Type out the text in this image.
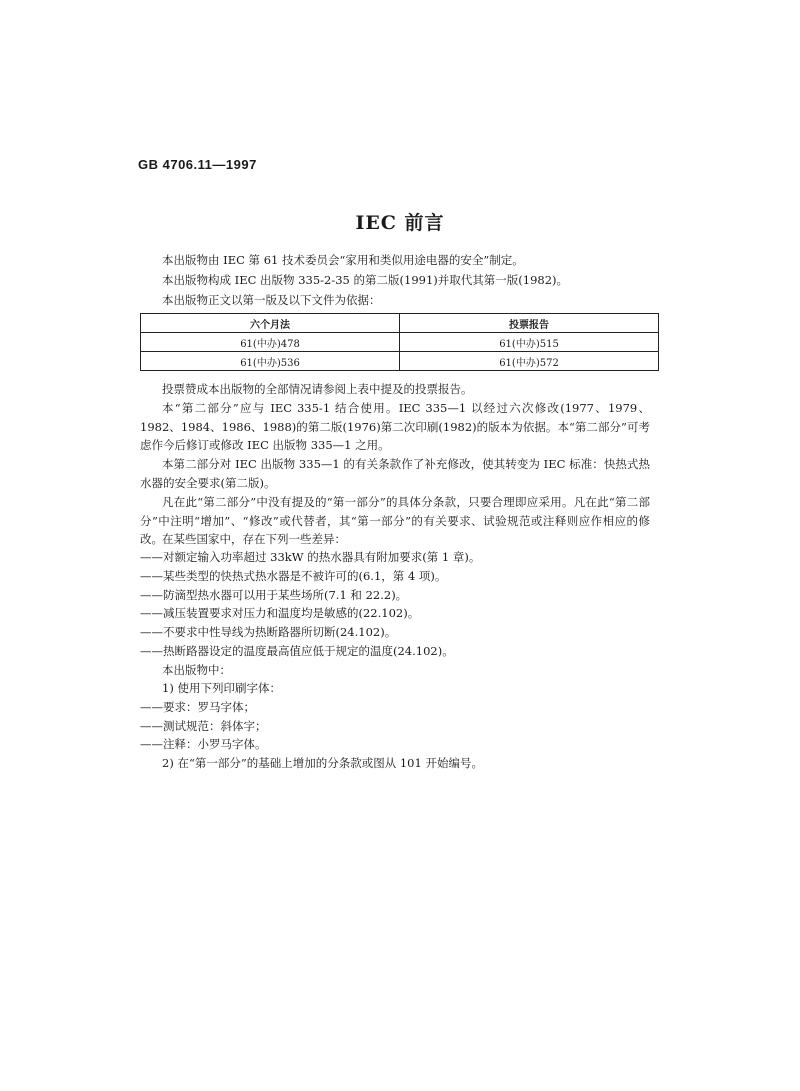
GB 4706.11—1997
IEC 前言
本出版物由 IEC 第 61 技术委员会“家用和类似用途电器的安全”制定。
本出版物构成 IEC 出版物 335-2-35 的第二版(1991)并取代其第一版(1982)。
本出版物正文以第一版及以下文件为依据：
六个月法	投票报告
61(中办)478	61(中办)515
61(中办)536	61(中办)572
投票赞成本出版物的全部情况请参阅上表中提及的投票报告。
本“第二部分”应与 IEC 335-1 结合使用。IEC 335—1 以经过六次修改(1977、1979、1982、1984、1986、1988)的第二版(1976)第二次印刷(1982)的版本为依据。本“第二部分”可考虑作今后修订或修改 IEC 出版物 335—1 之用。
本第二部分对 IEC 出版物 335—1 的有关条款作了补充修改，使其转变为 IEC 标准：快热式热水器的安全要求(第二版)。
凡在此“第二部分”中没有提及的“第一部分”的具体分条款，只要合理即应采用。凡在此“第二部分”中注明“增加”、“修改”或代替者，其“第一部分”的有关要求、试验规范或注释则应作相应的修改。 在某些国家中，存在下列一些差异：
——对额定输入功率超过 33kW 的热水器具有附加要求(第 1 章)。
——某些类型的快热式热水器是不被许可的(6.1，第 4 项)。
——防滴型热水器可以用于某些场所(7.1 和 22.2)。
——减压装置要求对压力和温度均是敏感的(22.102)。
——不要求中性导线为热断路器所切断(24.102)。
——热断路器设定的温度最高值应低于规定的温度(24.102)。
本出版物中：
1) 使用下列印刷字体：
——要求：罗马字体；
——测试规范：斜体字；
——注释：小罗马字体。
2) 在“第一部分”的基础上增加的分条款或图从 101 开始编号。
